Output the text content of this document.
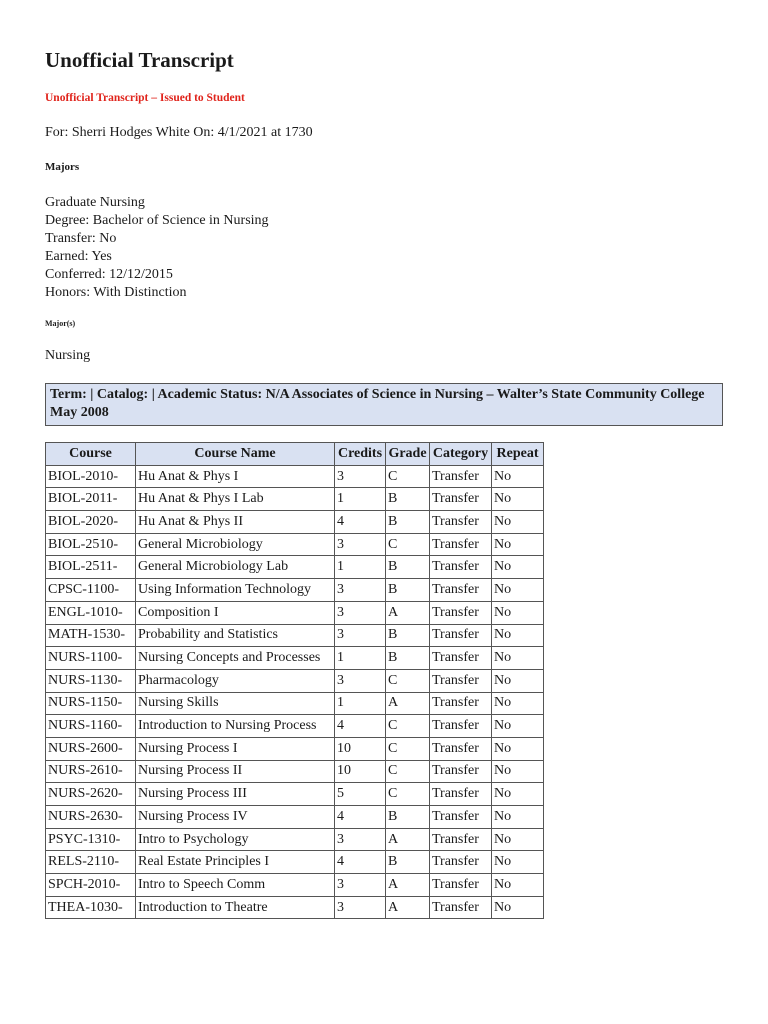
Unofficial Transcript
Unofficial Transcript – Issued to Student
For: Sherri Hodges White On: 4/1/2021 at 1730
Majors
Graduate Nursing
Degree: Bachelor of Science in Nursing
Transfer: No
Earned: Yes
Conferred: 12/12/2015
Honors: With Distinction
Major(s)
Nursing
Term: | Catalog: | Academic Status: N/A Associates of Science in Nursing – Walter’s State Community College May 2008
Course	Course Name	Credits	Grade	Category	Repeat
BIOL-2010-	Hu Anat & Phys I	3	C	Transfer	No
BIOL-2011-	Hu Anat & Phys I Lab	1	B	Transfer	No
BIOL-2020-	Hu Anat & Phys II	4	B	Transfer	No
BIOL-2510-	General Microbiology	3	C	Transfer	No
BIOL-2511-	General Microbiology Lab	1	B	Transfer	No
CPSC-1100-	Using Information Technology	3	B	Transfer	No
ENGL-1010-	Composition I	3	A	Transfer	No
MATH-1530-	Probability and Statistics	3	B	Transfer	No
NURS-1100-	Nursing Concepts and Processes	1	B	Transfer	No
NURS-1130-	Pharmacology	3	C	Transfer	No
NURS-1150-	Nursing Skills	1	A	Transfer	No
NURS-1160-	Introduction to Nursing Process	4	C	Transfer	No
NURS-2600-	Nursing Process I	10	C	Transfer	No
NURS-2610-	Nursing Process II	10	C	Transfer	No
NURS-2620-	Nursing Process III	5	C	Transfer	No
NURS-2630-	Nursing Process IV	4	B	Transfer	No
PSYC-1310-	Intro to Psychology	3	A	Transfer	No
RELS-2110-	Real Estate Principles I	4	B	Transfer	No
SPCH-2010-	Intro to Speech Comm	3	A	Transfer	No
THEA-1030-	Introduction to Theatre	3	A	Transfer	No
